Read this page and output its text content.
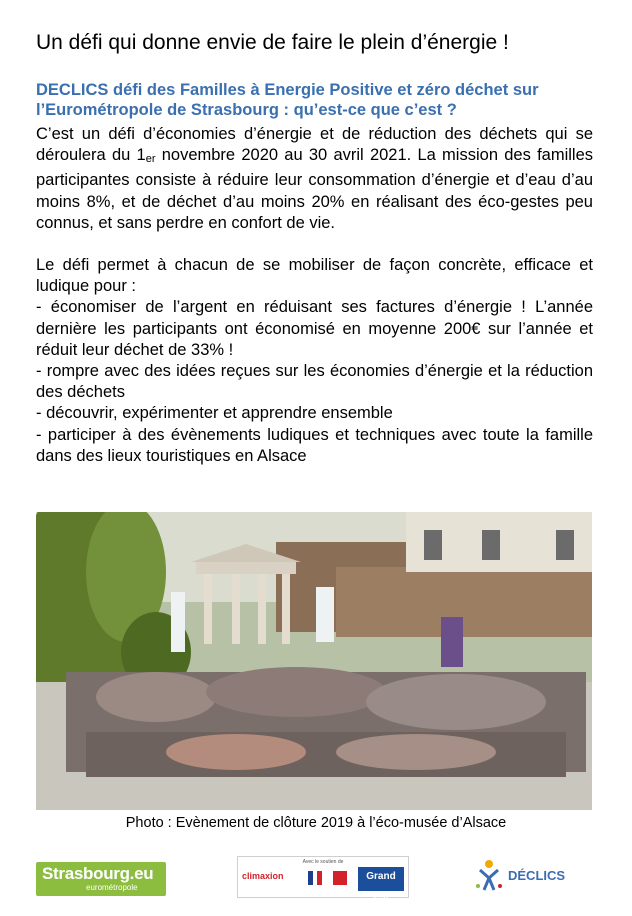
Un défi qui donne envie de faire le plein d’énergie !
DECLICS défi des Familles à Energie Positive et zéro déchet sur l’Eurométropole de Strasbourg : qu’est-ce que c’est ?

C’est un défi d’économies d’énergie et de réduction des déchets qui se déroulera du $1_{er}$ novembre 2020 au 30 avril 2021. La mission des familles participantes consiste à réduire leur consommation d’énergie et d’eau d’au moins 8%, et de déchet d’au moins 20% en réalisant des éco-gestes peu connus, et sans perdre en confort de vie.

Le défi permet à chacun de se mobiliser de façon concrète, efficace et ludique pour :

- économiser de l’argent en réduisant ses factures d’énergie ! L’année dernière les participants ont économisé en moyenne 200€ sur l’année et réduit leur déchet de 33% !

- rompre avec des idées reçues sur les économies d’énergie et la réduction des déchets

- découvrir, expérimenter et apprendre ensemble

- participer à des évènements ludiques et techniques avec toute la famille dans des lieux touristiques en Alsace

Photo : Evènement de clôture 2019 à l’éco-musée d’Alsace
Strasbourg.eu
eurométropole
Avec le soutien de
climaxion	Grand Est
DÉCLICS
